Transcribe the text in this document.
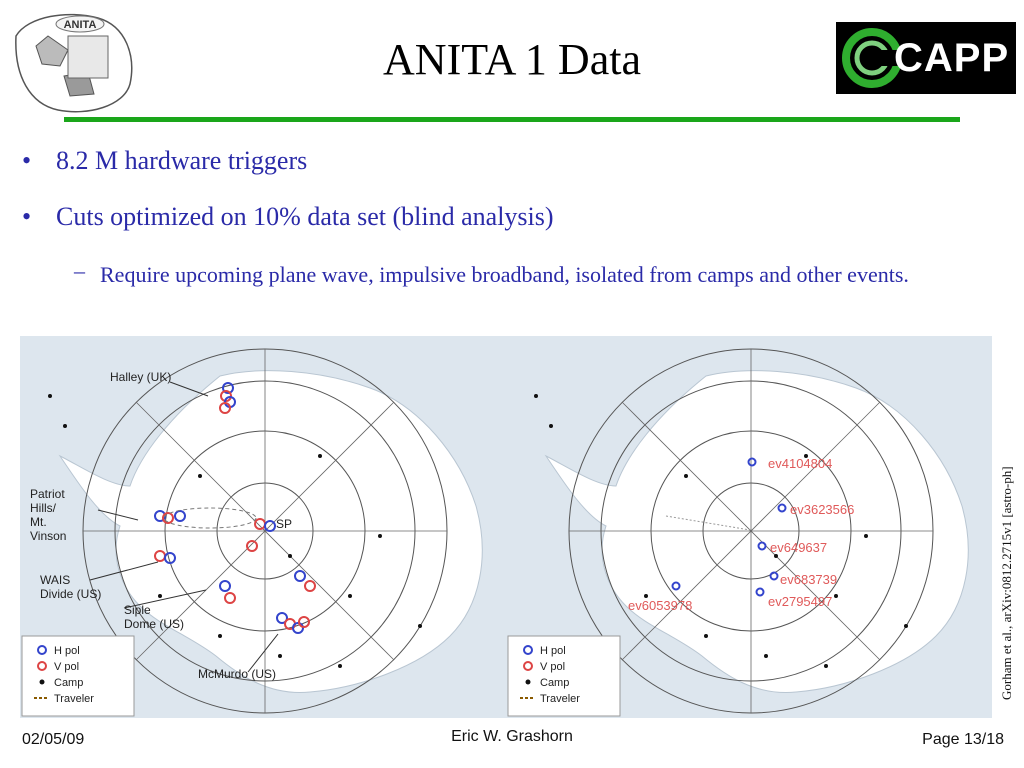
ANITA
CAPP
ANITA 1 Data
• 8.2 M hardware triggers
• Cuts optimized on 10% data set (blind analysis)
– Require upcoming plane wave, impulsive broadband, isolated from camps and other events.
Halley (UK)
Patriot
Hills/
Mt.
Vinson
WAIS
Divide (US)
Siple
Dome (US)
McMurdo (US)
SP
H pol
V pol
Camp
Traveler
ev4104804
ev3623566
ev649637
ev683739
ev2795497
ev6053978
H pol
V pol
Camp
Traveler	Gorham et al., arXiv:0812.2715v1 [astro-ph]
02/05/09	Eric W. Grashorn	Page 13/18
